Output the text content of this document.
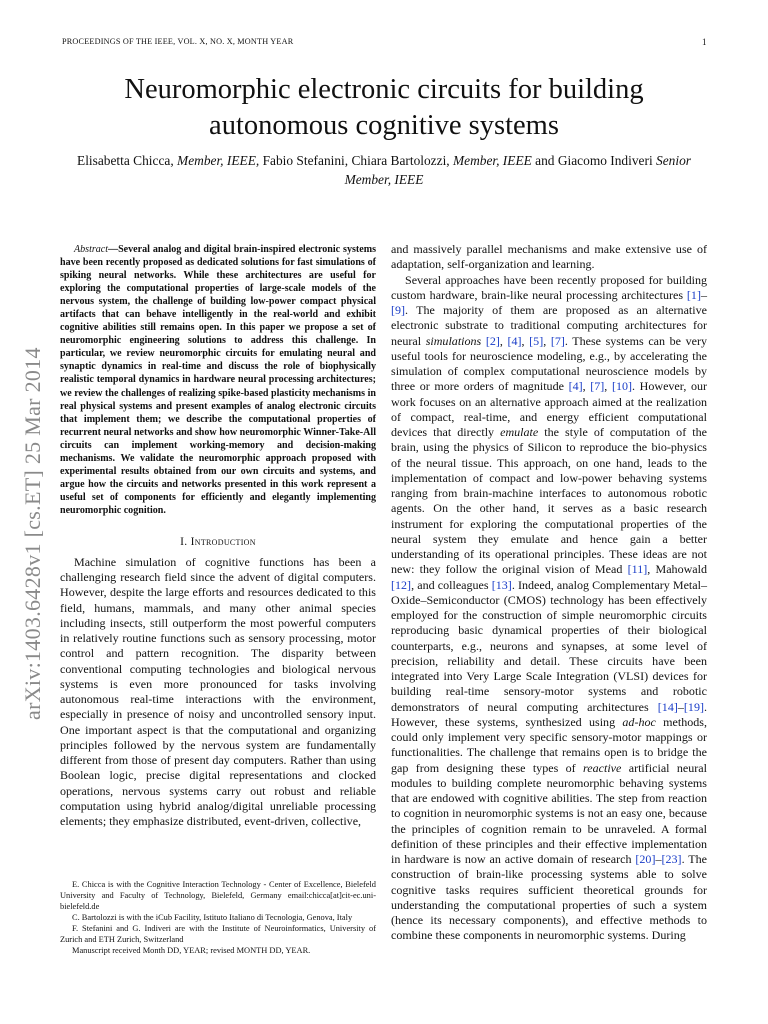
PROCEEDINGS OF THE IEEE, VOL. X, NO. X, MONTH YEAR	1
Neuromorphic electronic circuits for building
autonomous cognitive systems
Elisabetta Chicca, Member, IEEE, Fabio Stefanini, Chiara Bartolozzi, Member, IEEE and Giacomo Indiveri Senior Member, IEEE
arXiv:1403.6428v1 [cs.ET] 25 Mar 2014

Abstract—Several analog and digital brain-inspired electronic systems have been recently proposed as dedicated solutions for fast simulations of spiking neural networks. While these architectures are useful for exploring the computational properties of large-scale models of the nervous system, the challenge of building low-power compact physical artifacts that can behave intelligently in the real-world and exhibit cognitive abilities still remains open. In this paper we propose a set of neuromorphic engineering solutions to address this challenge. In particular, we review neuromorphic circuits for emulating neural and synaptic dynamics in real-time and discuss the role of biophysically realistic temporal dynamics in hardware neural processing architectures; we review the challenges of realizing spike-based plasticity mechanisms in real physical systems and present examples of analog electronic circuits that implement them; we describe the computational properties of recurrent neural networks and show how neuromorphic Winner-Take-All circuits can implement working-memory and decision-making mechanisms. We validate the neuromorphic approach proposed with experimental results obtained from our own circuits and systems, and argue how the circuits and networks presented in this work represent a useful set of components for efficiently and elegantly implementing neuromorphic cognition.

I. Introduction

Machine simulation of cognitive functions has been a challenging research field since the advent of digital computers. However, despite the large efforts and resources dedicated to this field, humans, mammals, and many other animal species including insects, still outperform the most powerful computers in relatively routine functions such as sensory processing, motor control and pattern recognition. The disparity between conventional computing technologies and biological nervous systems is even more pronounced for tasks involving autonomous real-time interactions with the environment, especially in presence of noisy and uncontrolled sensory input. One important aspect is that the computational and organizing principles followed by the nervous system are fundamentally different from those of present day computers. Rather than using Boolean logic, precise digital representations and clocked operations, nervous systems carry out robust and reliable computation using hybrid analog/digital unreliable processing elements; they emphasize distributed, event-driven, collective,

E. Chicca is with the Cognitive Interaction Technology - Center of Excellence, Bielefeld University and Faculty of Technology, Bielefeld, Germany email:chicca[at]cit-ec.uni-bielefeld.de

C. Bartolozzi is with the iCub Facility, Istituto Italiano di Tecnologia, Genova, Italy

F. Stefanini and G. Indiveri are with the Institute of Neuroinformatics, University of Zurich and ETH Zurich, Switzerland

Manuscript received Month DD, YEAR; revised MONTH DD, YEAR.

and massively parallel mechanisms and make extensive use of adaptation, self-organization and learning.

Several approaches have been recently proposed for building custom hardware, brain-like neural processing architectures [1]–[9]. The majority of them are proposed as an alternative electronic substrate to traditional computing architectures for neural simulations [2], [4], [5], [7]. These systems can be very useful tools for neuroscience modeling, e.g., by accelerating the simulation of complex computational neuroscience models by three or more orders of magnitude [4], [7], [10]. However, our work focuses on an alternative approach aimed at the realization of compact, real-time, and energy efficient computational devices that directly emulate the style of computation of the brain, using the physics of Silicon to reproduce the bio-physics of the neural tissue. This approach, on one hand, leads to the implementation of compact and low-power behaving systems ranging from brain-machine interfaces to autonomous robotic agents. On the other hand, it serves as a basic research instrument for exploring the computational properties of the neural system they emulate and hence gain a better understanding of its operational principles. These ideas are not new: they follow the original vision of Mead [11], Mahowald [12], and colleagues [13]. Indeed, analog Complementary Metal–Oxide–Semiconductor (CMOS) technology has been effectively employed for the construction of simple neuromorphic circuits reproducing basic dynamical properties of their biological counterparts, e.g., neurons and synapses, at some level of precision, reliability and detail. These circuits have been integrated into Very Large Scale Integration (VLSI) devices for building real-time sensory-motor systems and robotic demonstrators of neural computing architectures [14]–[19]. However, these systems, synthesized using ad-hoc methods, could only implement very specific sensory-motor mappings or functionalities. The challenge that remains open is to bridge the gap from designing these types of reactive artificial neural modules to building complete neuromorphic behaving systems that are endowed with cognitive abilities. The step from reaction to cognition in neuromorphic systems is not an easy one, because the principles of cognition remain to be unraveled. A formal definition of these principles and their effective implementation in hardware is now an active domain of research [20]–[23]. The construction of brain-like processing systems able to solve cognitive tasks requires sufficient theoretical grounds for understanding the computational properties of such a system (hence its necessary components), and effective methods to combine these components in neuromorphic systems. During
